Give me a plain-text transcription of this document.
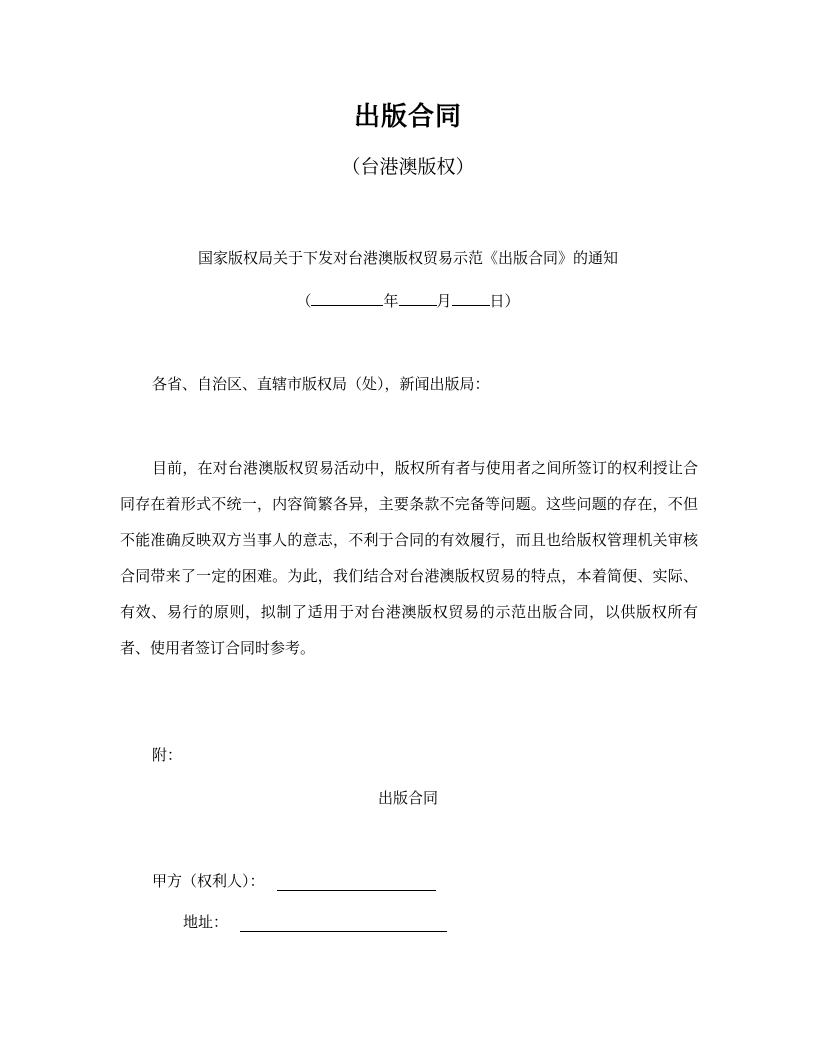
出版合同
（台港澳版权）
国家版权局关于下发对台港澳版权贸易示范《出版合同》的通知
（	年	月	日）
各省、自治区、直辖市版权局（处），新闻出版局：
目前，在对台港澳版权贸易活动中，版权所有者与使用者之间所签订的权利授让合同存在着形式不统一，内容简繁各异，主要条款不完备等问题。这些问题的存在，不但不能准确反映双方当事人的意志，不利于合同的有效履行，而且也给版权管理机关审核合同带来了一定的困难。为此，我们结合对台港澳版权贸易的特点，本着简便、实际、有效、易行的原则，拟制了适用于对台港澳版权贸易的示范出版合同，以供版权所有者、使用者签订合同时参考。
附：
出版合同
甲方（权利人）：
地址：
